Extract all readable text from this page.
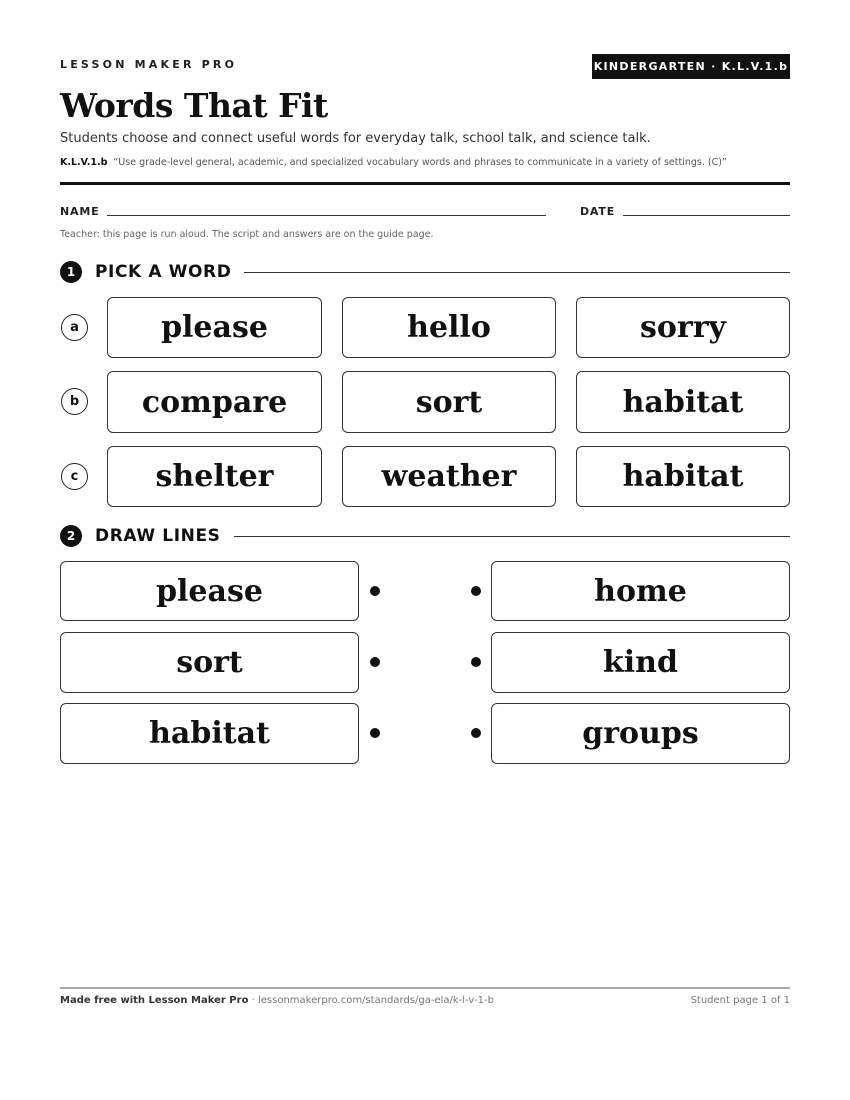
LESSON MAKER PRO	KINDERGARTEN · K.L.V.1.b
Words That Fit
Students choose and connect useful words for everyday talk, school talk, and science talk.
K.L.V.1.b “Use grade-level general, academic, and specialized vocabulary words and phrases to communicate in a variety of settings. (C)”
NAME	DATE
Teacher: this page is run aloud. The script and answers are on the guide page.
1	PICK A WORD
a	please	hello	sorry
b	compare	sort	habitat
c	shelter	weather	habitat
2	DRAW LINES
please	home
sort	kind
habitat	groups
Made free with Lesson Maker Pro · lessonmakerpro.com/standards/ga-ela/k-l-v-1-b	Student page 1 of 1
